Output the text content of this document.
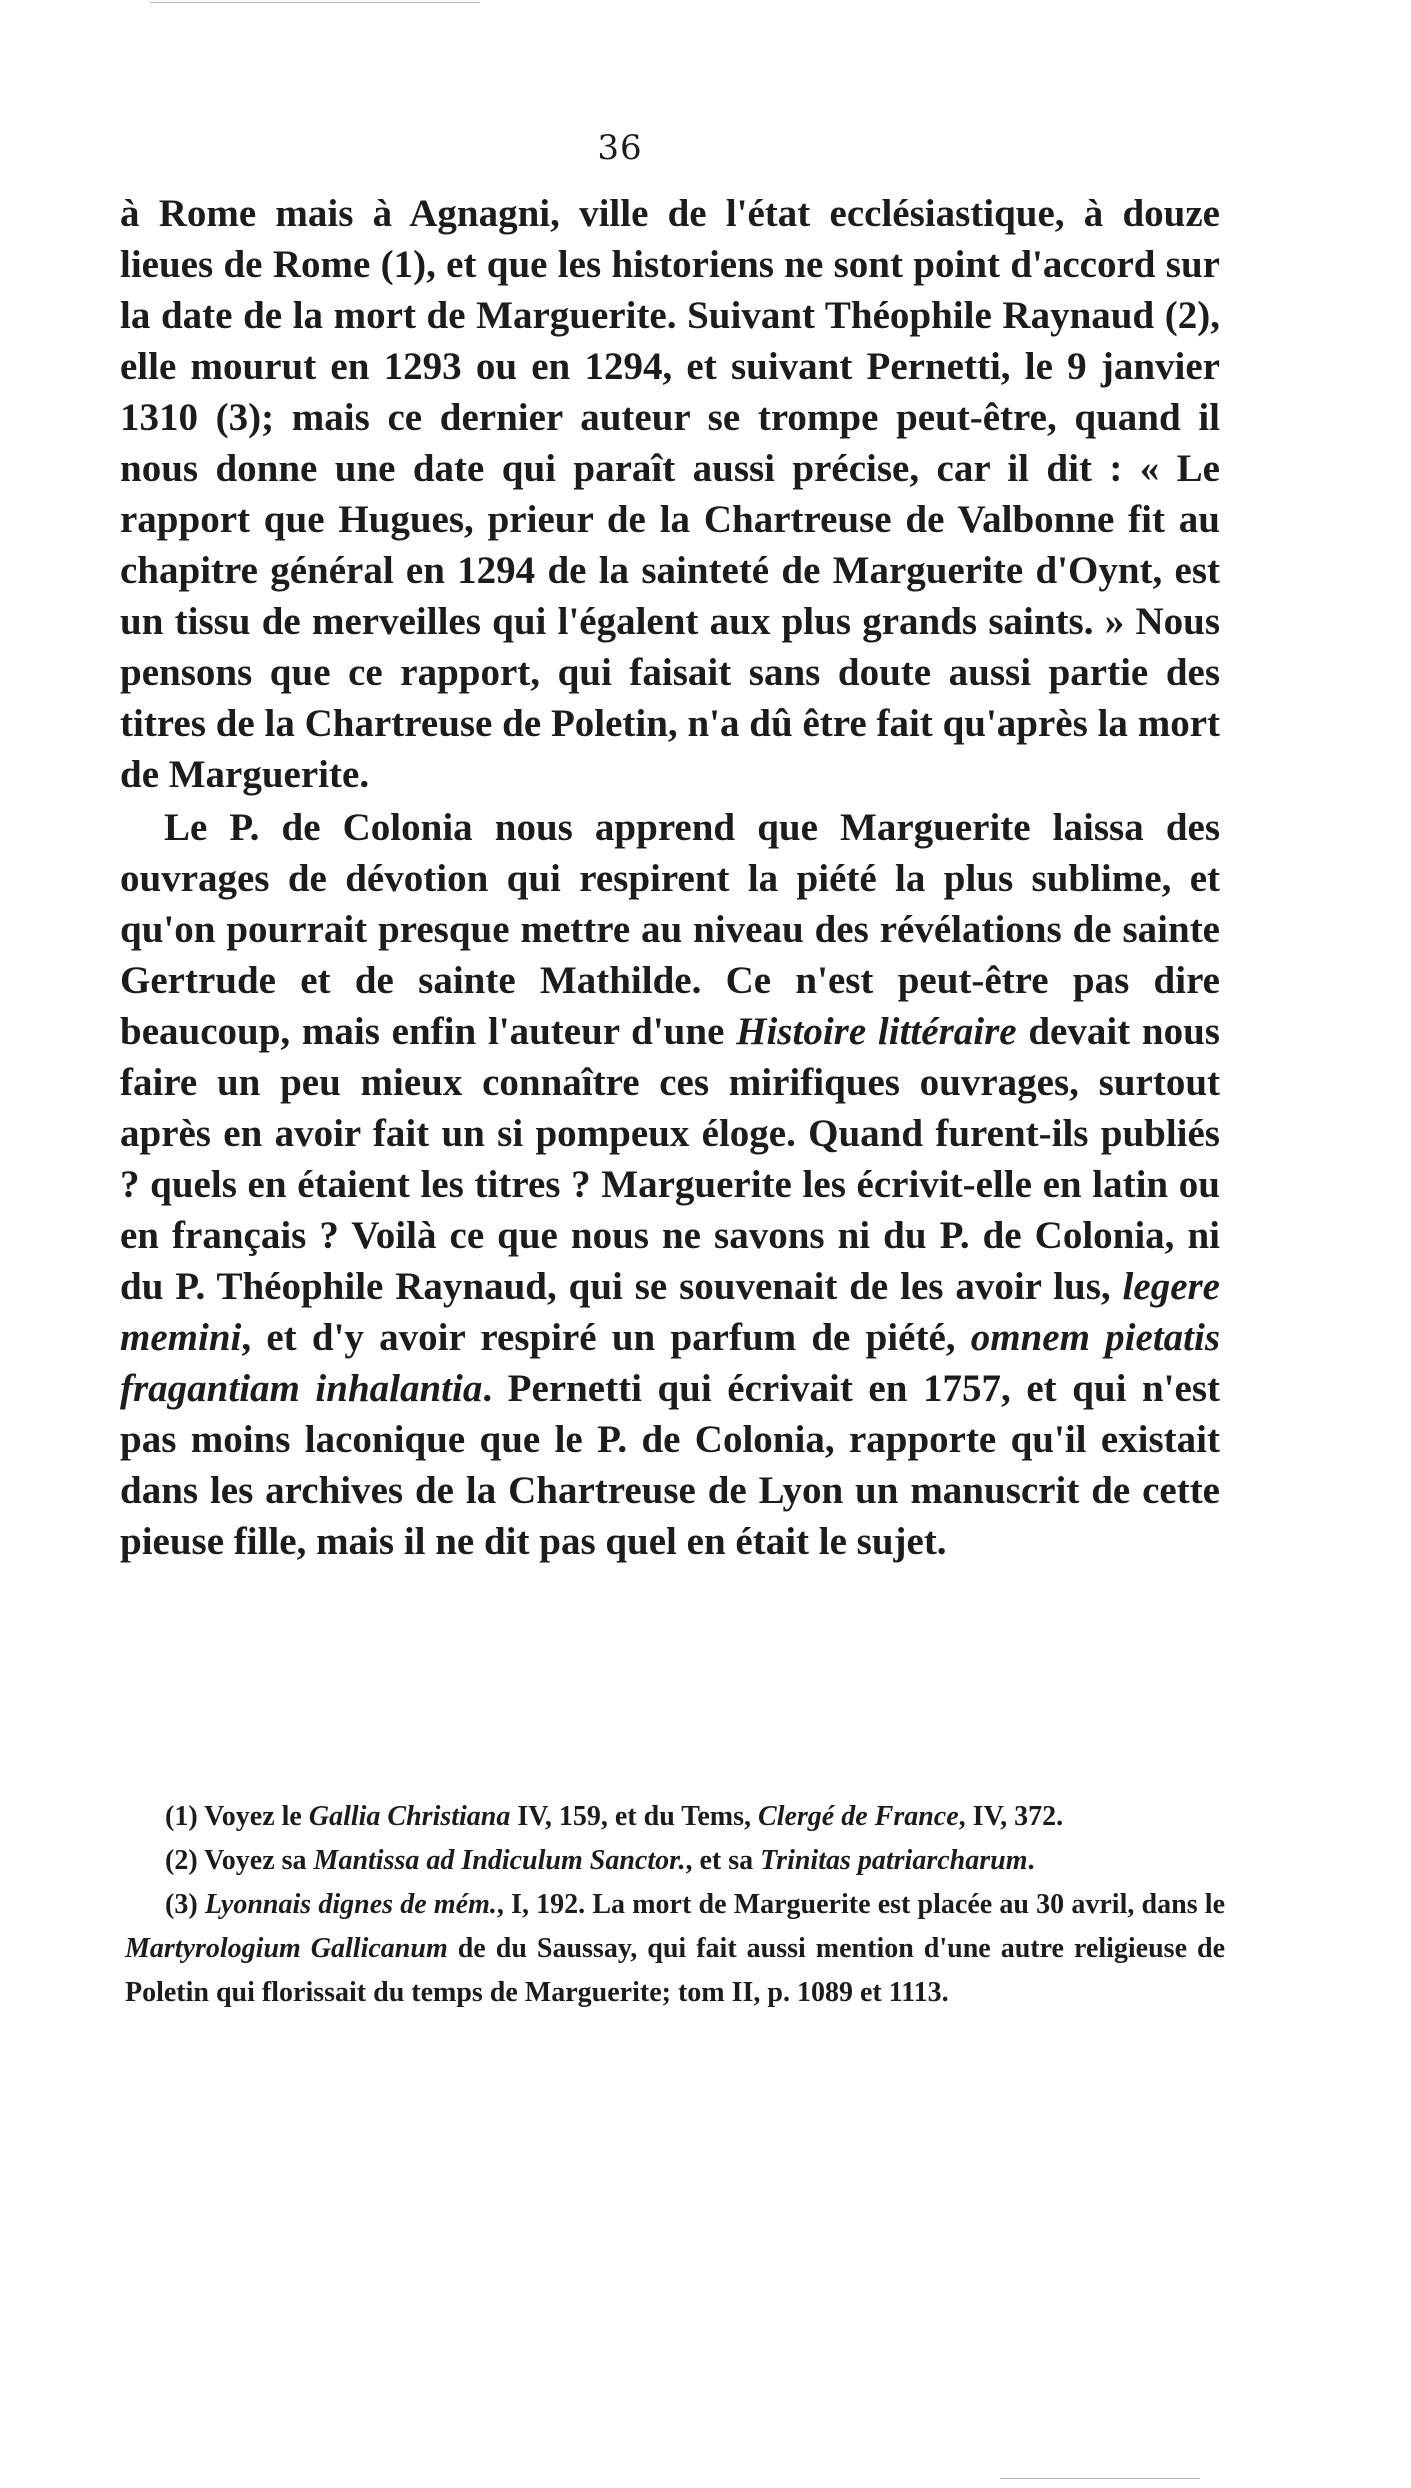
36

à Rome mais à Agnagni, ville de l'état ecclésiastique, à douze lieues de Rome (1), et que les historiens ne sont point d'accord sur la date de la mort de Marguerite. Suivant Théophile Raynaud (2), elle mourut en 1293 ou en 1294, et suivant Pernetti, le 9 janvier 1310 (3); mais ce dernier auteur se trompe peut-être, quand il nous donne une date qui paraît aussi précise, car il dit : « Le rapport que Hugues, prieur de la Chartreuse de Valbonne fit au chapitre général en 1294 de la sainteté de Marguerite d'Oynt, est un tissu de merveilles qui l'égalent aux plus grands saints. » Nous pensons que ce rapport, qui faisait sans doute aussi partie des titres de la Chartreuse de Poletin, n'a dû être fait qu'après la mort de Marguerite.

Le P. de Colonia nous apprend que Marguerite laissa des ouvrages de dévotion qui respirent la piété la plus sublime, et qu'on pourrait presque mettre au niveau des révélations de sainte Gertrude et de sainte Mathilde. Ce n'est peut-être pas dire beaucoup, mais enfin l'auteur d'une Histoire littéraire devait nous faire un peu mieux connaître ces mirifiques ouvrages, surtout après en avoir fait un si pompeux éloge. Quand furent-ils publiés ? quels en étaient les titres ? Marguerite les écrivit-elle en latin ou en français ? Voilà ce que nous ne savons ni du P. de Colonia, ni du P. Théophile Raynaud, qui se souvenait de les avoir lus, legere memini, et d'y avoir respiré un parfum de piété, omnem pietatis fragantiam inhalantia. Pernetti qui écrivait en 1757, et qui n'est pas moins laconique que le P. de Colonia, rapporte qu'il existait dans les archives de la Chartreuse de Lyon un manuscrit de cette pieuse fille, mais il ne dit pas quel en était le sujet.

(1) Voyez le Gallia Christiana IV, 159, et du Tems, Clergé de France, IV, 372.

(2) Voyez sa Mantissa ad Indiculum Sanctor., et sa Trinitas patriarcharum.

(3) Lyonnais dignes de mém., I, 192. La mort de Marguerite est placée au 30 avril, dans le Martyrologium Gallicanum de du Saussay, qui fait aussi mention d'une autre religieuse de Poletin qui florissait du temps de Marguerite; tom II, p. 1089 et 1113.
